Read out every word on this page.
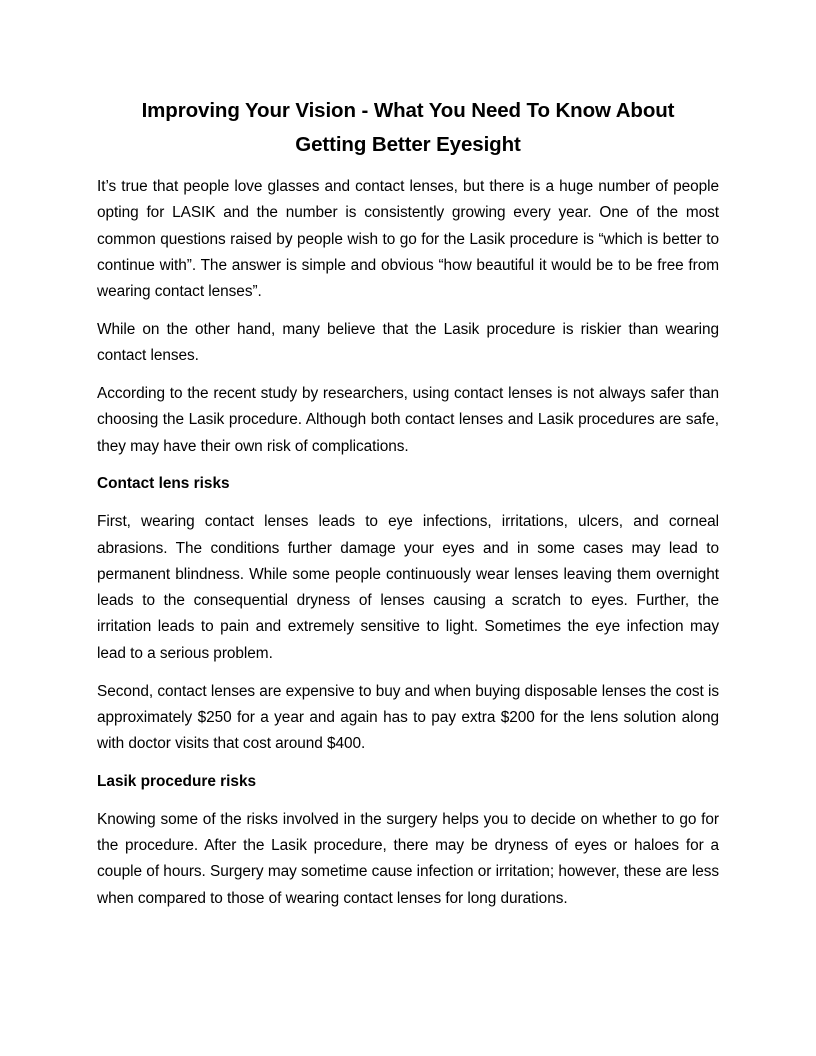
Improving Your Vision - What You Need To Know About
Getting Better Eyesight

It’s true that people love glasses and contact lenses, but there is a huge number of people opting for LASIK and the number is consistently growing every year. One of the most common questions raised by people wish to go for the Lasik procedure is “which is better to continue with”. The answer is simple and obvious “how beautiful it would be to be free from wearing contact lenses”.

While on the other hand, many believe that the Lasik procedure is riskier than wearing contact lenses.

According to the recent study by researchers, using contact lenses is not always safer than choosing the Lasik procedure. Although both contact lenses and Lasik procedures are safe, they may have their own risk of complications.

Contact lens risks

First, wearing contact lenses leads to eye infections, irritations, ulcers, and corneal abrasions. The conditions further damage your eyes and in some cases may lead to permanent blindness. While some people continuously wear lenses leaving them overnight leads to the consequential dryness of lenses causing a scratch to eyes. Further, the irritation leads to pain and extremely sensitive to light. Sometimes the eye infection may lead to a serious problem.

Second, contact lenses are expensive to buy and when buying disposable lenses the cost is approximately $250 for a year and again has to pay extra $200 for the lens solution along with doctor visits that cost around $400.

Lasik procedure risks

Knowing some of the risks involved in the surgery helps you to decide on whether to go for the procedure. After the Lasik procedure, there may be dryness of eyes or haloes for a couple of hours. Surgery may sometime cause infection or irritation; however, these are less when compared to those of wearing contact lenses for long durations.
